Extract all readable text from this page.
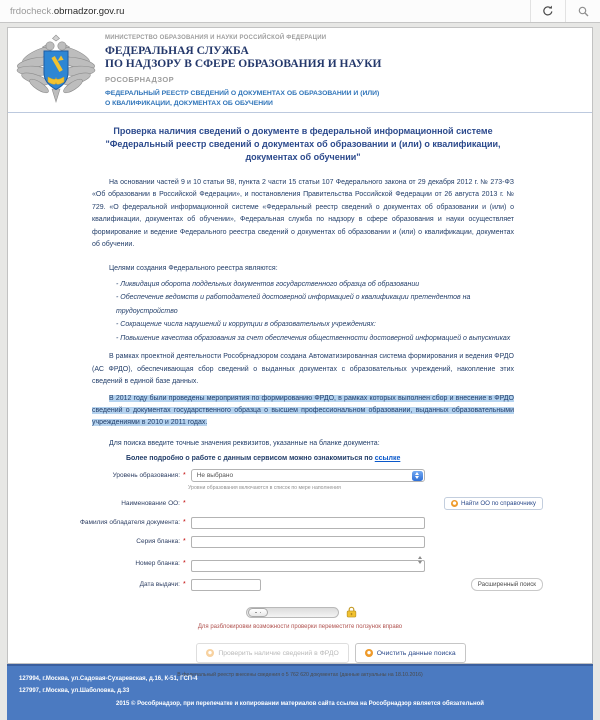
frdocheck. obrnadzor.gov.ru
МИНИСТЕРСТВО ОБРАЗОВАНИЯ И НАУКИ РОССИЙСКОЙ ФЕДЕРАЦИИ
ФЕДЕРАЛЬНАЯ СЛУЖБА
ПО НАДЗОРУ В СФЕРЕ ОБРАЗОВАНИЯ И НАУКИ
РОСОБРНАДЗОР
ФЕДЕРАЛЬНЫЙ РЕЕСТР СВЕДЕНИЙ О ДОКУМЕНТАХ ОБ ОБРАЗОВАНИИ И (ИЛИ)
О КВАЛИФИКАЦИИ, ДОКУМЕНТАХ ОБ ОБУЧЕНИИ
Проверка наличия сведений о документе в федеральной информационной системе "Федеральный реестр сведений о документах об образовании и (или) о квалификации, документах об обучении"

На основании частей 9 и 10 статьи 98, пункта 2 части 15 статьи 107 Федерального закона от 29 декабря 2012 г. № 273-ФЗ «Об образовании в Российской Федерации», и постановления Правительства Российской Федерации от 26 августа 2013 г. № 729. «О федеральной информационной системе «Федеральный реестр сведений о документах об образовании и (или) о квалификации, документах об обучении», Федеральная служба по надзору в сфере образования и науки осуществляет формирование и ведение Федерального реестра сведений о документах об образовании и (или) о квалификации, документах об обучении.

Целями создания Федерального реестра являются:

- Ликвидация оборота поддельных документов государственного образца об образовании
- Обеспечение ведомств и работодателей достоверной информацией о квалификации претендентов на трудоустройство
- Сокращение числа нарушений и коррупции в образовательных учреждениях:
- Повышение качества образования за счет обеспечения общественности достоверной информацией о выпускниках

В рамках проектной деятельности Рособрнадзором создана Автоматизированная система формирования и ведения ФРДО (АС ФРДО), обеспечивающая сбор сведений о выданных документах с образовательных учреждений, накопление этих сведений в единой базе данных.

В 2012 году были проведены мероприятия по формированию ФРДО, в рамках которых выполнен сбор и внесение в ФРДО сведений о документах государственного образца о высшем профессиональном образовании, выданных образовательными учреждениями в 2010 и 2011 годах.

Для поиска введите точные значения реквизитов, указанные на бланке документа:

Более подробно о работе с данным сервисом можно ознакомиться по ссылке
Уровень образования: * Не выбрано
Уровни образования включаются в список по мере наполнения
Наименование ОО: *	Найти ОО по справочнику
Фамилия обладателя документа: *
Серия бланка: *
Номер бланка: *
Дата выдачи: *	Расширенный поиск
Для разблокировки возможности проверки переместите ползунок вправо
Проверить наличие сведений в ФРДО	Очистить данные поиска
В федеральный реестр внесены сведения о 5 762 620 документах (данные актуальны на 18.10.2016)
127994, г.Москва, ул.Садовая-Сухаревская, д.16, К-51, ГСП-4
127997, г.Москва, ул.Шаболовка, д.33
2015 © Рособрнадзор, при перепечатке и копировании материалов сайта ссылка на Рособрнадзор является обязательной
